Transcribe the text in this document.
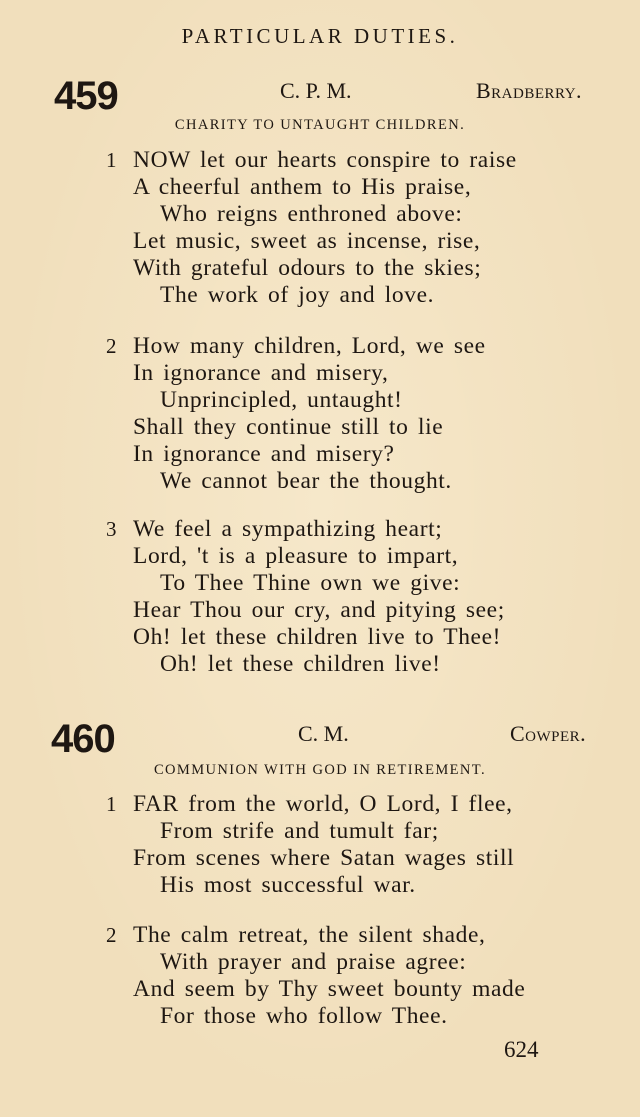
PARTICULAR DUTIES.
459	C. P. M.	Bradberry.
CHARITY TO UNTAUGHT CHILDREN.
1 NOW let our hearts conspire to raise
A cheerful anthem to His praise,
Who reigns enthroned above:
Let music, sweet as incense, rise,
With grateful odours to the skies;
The work of joy and love.
2 How many children, Lord, we see
In ignorance and misery,
Unprincipled, untaught!
Shall they continue still to lie
In ignorance and misery?
We cannot bear the thought.
3 We feel a sympathizing heart;
Lord, 't is a pleasure to impart,
To Thee Thine own we give:
Hear Thou our cry, and pitying see;
Oh! let these children live to Thee!
Oh! let these children live!
460	C. M.	Cowper.
COMMUNION WITH GOD IN RETIREMENT.
1 FAR from the world, O Lord, I flee,
From strife and tumult far;
From scenes where Satan wages still
His most successful war.
2 The calm retreat, the silent shade,
With prayer and praise agree:
And seem by Thy sweet bounty made
For those who follow Thee.
624
